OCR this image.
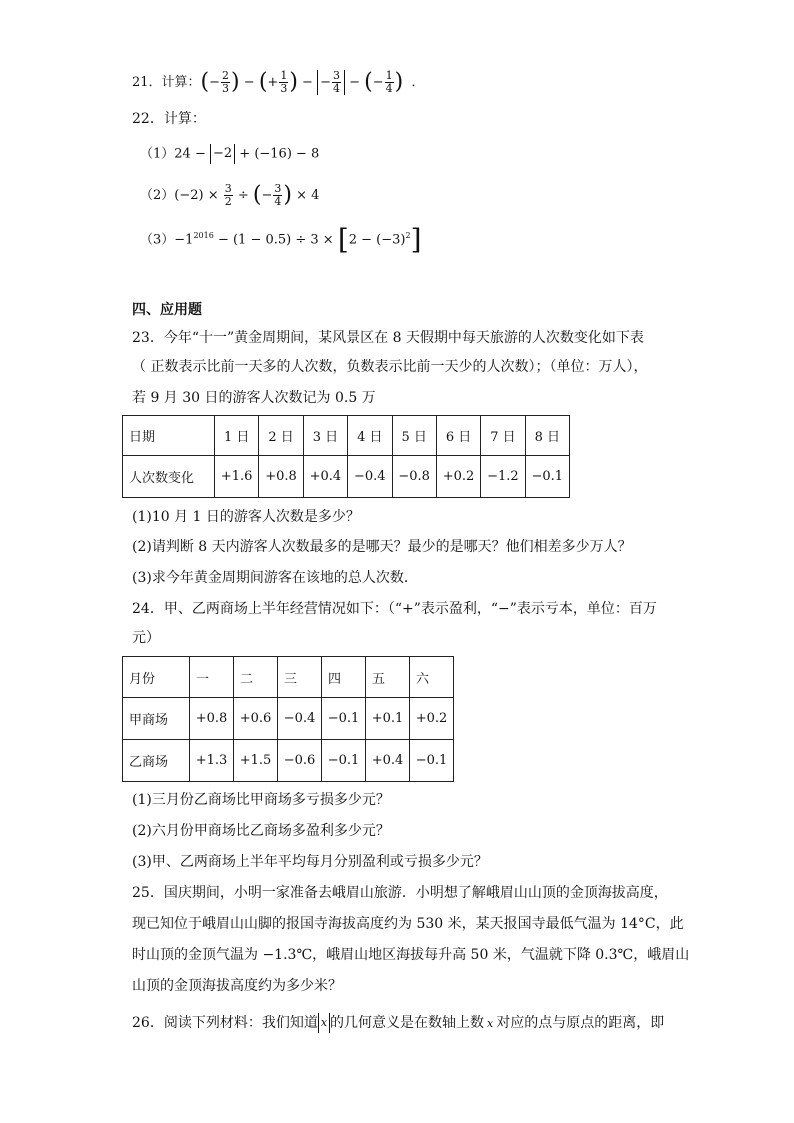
21．计算：(− $\frac{2}{3}$ ) − (+ $\frac{1}{3}$ ) − − $\frac{3}{4}$ − (− $\frac{1}{4}$ ) ．
22．计算：
（1）24 − −2 + (−16) − 8
$(2)(-2) \times \frac{3}{2}$ ÷ (− $\frac{3}{4}$ ) × 4
$(3)-1^{2016} - (1 - 0.5) \div 3 \times [2 - (-3)^2]$
四、应用题
23．今年“十一”黄金周期间，某风景区在 8 天假期中每天旅游的人次数变化如下表
（ 正数表示比前一天多的人次数，负数表示比前一天少的人次数）；（单位：万人），
若 9 月 30 日的游客人次数记为 0.5 万
日期	1 日	2 日	3 日	4 日	5 日	6 日	7 日	8 日
人次数变化	+1.6	+0.8	+0.4	−0.4	−0.8	+0.2	−1.2	−0.1
(1)10 月 1 日的游客人次数是多少？
(2)请判断 8 天内游客人次数最多的是哪天？最少的是哪天？他们相差多少万人？
(3)求今年黄金周期间游客在该地的总人次数．
24．甲、乙两商场上半年经营情况如下：（“+”表示盈利，“−”表示亏本，单位：百万
元）
月份	一	二	三	四	五	六
甲商场	+0.8	+0.6	−0.4	−0.1	+0.1	+0.2
乙商场	+1.3	+1.5	−0.6	−0.1	+0.4	−0.1
(1)三月份乙商场比甲商场多亏损多少元？
(2)六月份甲商场比乙商场多盈利多少元？
(3)甲、乙两商场上半年平均每月分别盈利或亏损多少元？
25．国庆期间，小明一家准备去峨眉山旅游．小明想了解峨眉山山顶的金顶海拔高度，
现已知位于峨眉山山脚的报国寺海拔高度约为 530 米，某天报国寺最低气温为 14°C，此
时山顶的金顶气温为 −1.3℃，峨眉山地区海拔每升高 50 米，气温就下降 0.3℃，峨眉山
山顶的金顶海拔高度约为多少米？
26．阅读下列材料：我们知道 x 的几何意义是在数轴上数 x 对应的点与原点的距离，即
